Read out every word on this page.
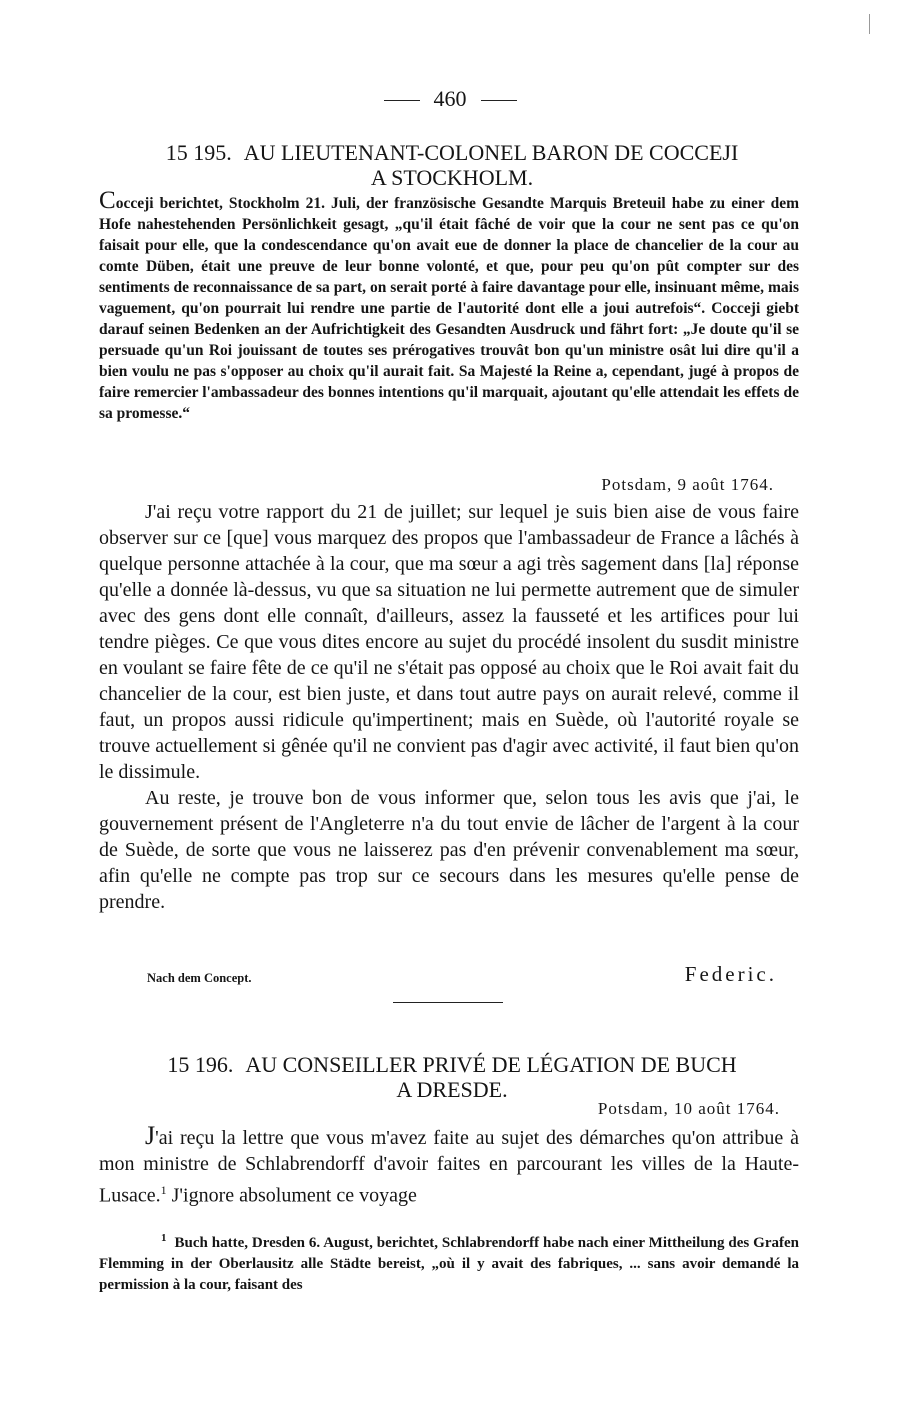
460
15 195. AU LIEUTENANT-COLONEL BARON DE COCCEJI
A STOCKHOLM.
Cocceji berichtet, Stockholm 21. Juli, der französische Gesandte Marquis Breteuil habe zu einer dem Hofe nahestehenden Persönlichkeit gesagt, „qu'il était fâché de voir que la cour ne sent pas ce qu'on faisait pour elle, que la condescendance qu'on avait eue de donner la place de chancelier de la cour au comte Düben, était une preuve de leur bonne volonté, et que, pour peu qu'on pût compter sur des sentiments de reconnaissance de sa part, on serait porté à faire davantage pour elle, insinuant même, mais vaguement, qu'on pourrait lui rendre une partie de l'autorité dont elle a joui autrefois“. Cocceji giebt darauf seinen Bedenken an der Aufrichtigkeit des Gesandten Ausdruck und fährt fort: „Je doute qu'il se persuade qu'un Roi jouissant de toutes ses prérogatives trouvât bon qu'un ministre osât lui dire qu'il a bien voulu ne pas s'opposer au choix qu'il aurait fait. Sa Majesté la Reine a, cependant, jugé à propos de faire remercier l'ambassadeur des bonnes intentions qu'il marquait, ajoutant qu'elle attendait les effets de sa promesse.“
Potsdam, 9 août 1764.

J'ai reçu votre rapport du 21 de juillet; sur lequel je suis bien aise de vous faire observer sur ce [que] vous marquez des propos que l'ambassadeur de France a lâchés à quelque personne attachée à la cour, que ma sœur a agi très sagement dans [la] réponse qu'elle a donnée là-dessus, vu que sa situation ne lui permette autrement que de simuler avec des gens dont elle connaît, d'ailleurs, assez la fausseté et les artifices pour lui tendre pièges. Ce que vous dites encore au sujet du procédé insolent du susdit ministre en voulant se faire fête de ce qu'il ne s'était pas opposé au choix que le Roi avait fait du chancelier de la cour, est bien juste, et dans tout autre pays on aurait relevé, comme il faut, un propos aussi ridicule qu'impertinent; mais en Suède, où l'autorité royale se trouve actuellement si gênée qu'il ne convient pas d'agir avec activité, il faut bien qu'on le dissimule.

Au reste, je trouve bon de vous informer que, selon tous les avis que j'ai, le gouvernement présent de l'Angleterre n'a du tout envie de lâcher de l'argent à la cour de Suède, de sorte que vous ne laisserez pas d'en prévenir convenablement ma sœur, afin qu'elle ne compte pas trop sur ce secours dans les mesures qu'elle pense de prendre.

Nach dem Concept.	Federic.
15 196. AU CONSEILLER PRIVÉ DE LÉGATION DE BUCH
A DRESDE.
Potsdam, 10 août 1764.

J'ai reçu la lettre que vous m'avez faite au sujet des démarches qu'on attribue à mon ministre de Schlabrendorff d'avoir faites en parcourant les villes de la Haute-Lusace.$^1$ J'ignore absolument ce voyage

$^1$ Buch hatte, Dresden 6. August, berichtet, Schlabrendorff habe nach einer Mittheilung des Grafen Flemming in der Oberlausitz alle Städte bereist, „où il y avait des fabriques, ... sans avoir demandé la permission à la cour, faisant des
